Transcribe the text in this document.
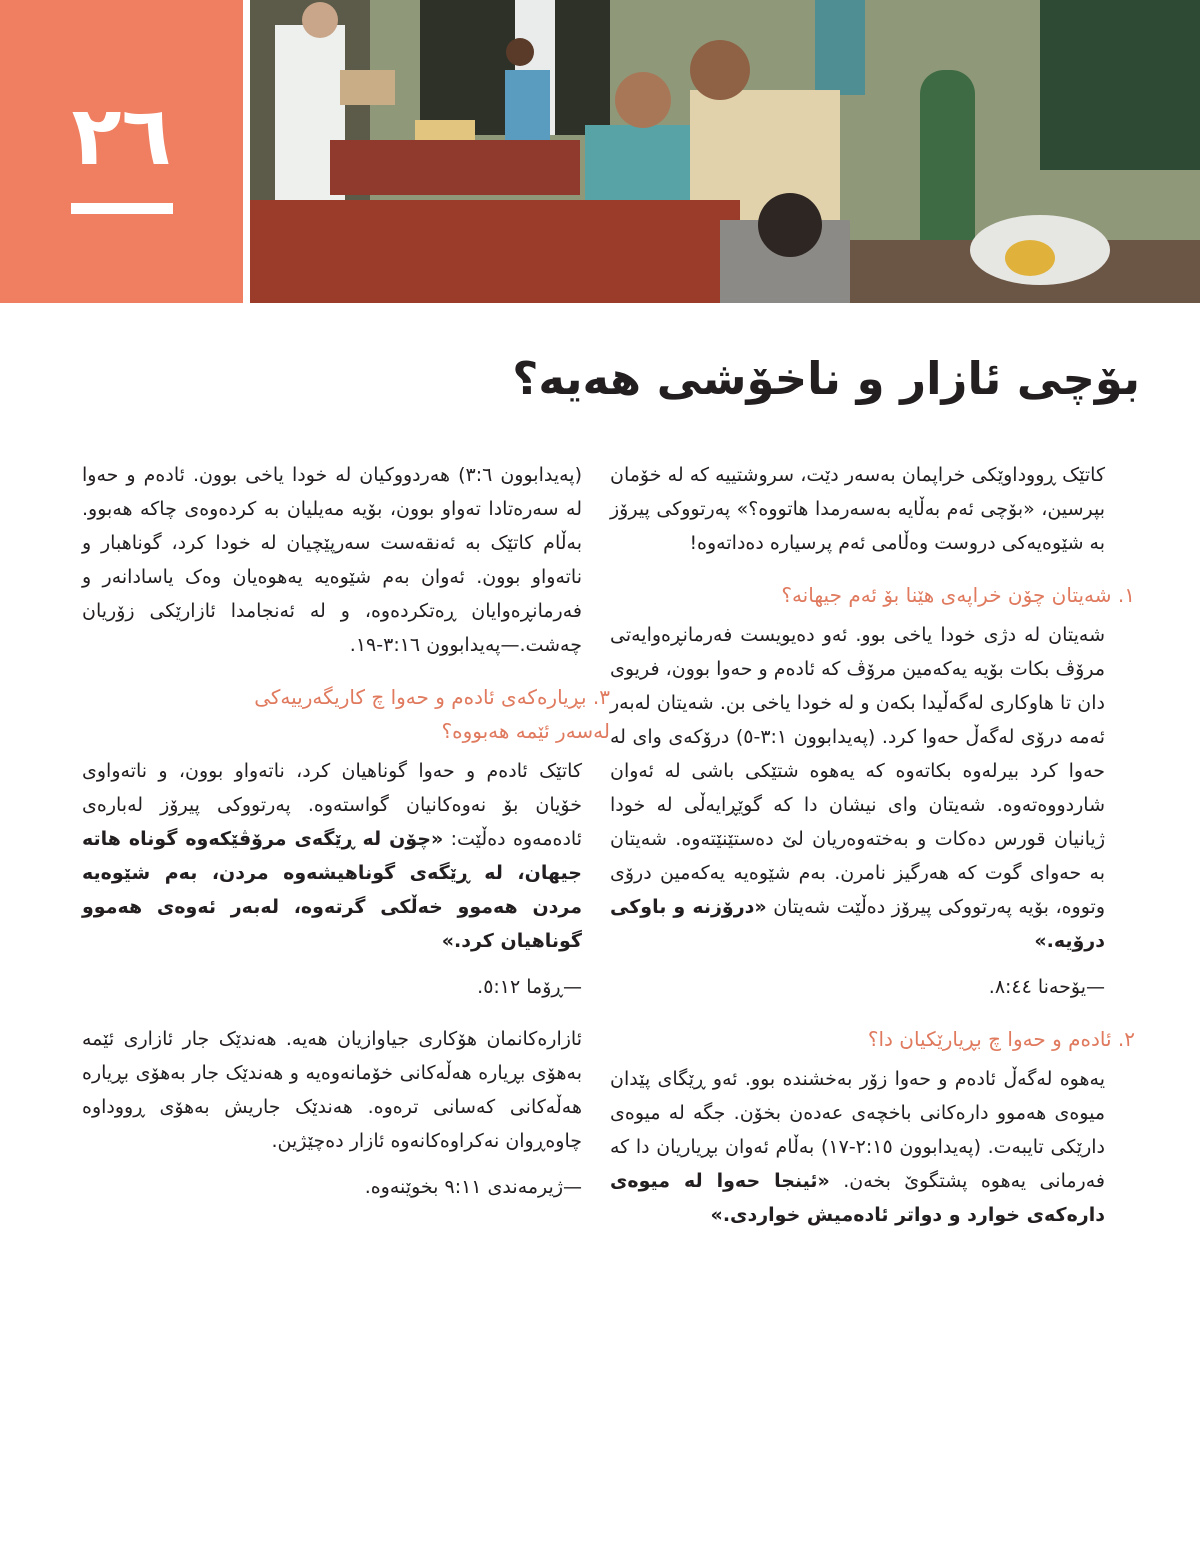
٢٦
بۆچی ئازار و ناخۆشی هەیە؟

کاتێک ڕووداوێکی خراپمان بەسەر دێت، سروشتییە کە لە خۆمان بپرسین، «بۆچی ئەم بەڵایە بەسەرمدا هاتووە؟» پەرتووکی پیرۆز بە شێوەیەکی دروست وەڵامی ئەم پرسیارە دەداتەوە!

١. شەیتان چۆن خراپەی هێنا بۆ ئەم جیهانە؟

شەیتان لە دژی خودا یاخی بوو. ئەو دەیویست فەرمانڕەوایەتی مرۆڤ بکات بۆیە یەکەمین مرۆڤ کە ئادەم و حەوا بوون، فریوی دان تا هاوکاری لەگەڵیدا بکەن و لە خودا یاخی بن. شەیتان لەبەر ئەمە درۆی لەگەڵ حەوا کرد. (پەیدابوون ٣:١-٥) درۆکەی وای لە حەوا کرد بیرلەوە بکاتەوە کە یەهوە شتێکی باشی لە ئەوان شاردووەتەوە. شەیتان وای نیشان دا کە گوێڕایەڵی لە خودا ژیانیان قورس دەکات و بەختەوەریان لێ دەستێنێتەوە. شەیتان بە حەوای گوت کە هەرگیز نامرن. بەم شێوەیە یەکەمین درۆی وتووە، بۆیە پەرتووکی پیرۆز دەڵێت شەیتان «درۆزنە و باوکی درۆیە.»

—یۆحەنا ٨:٤٤.

٢. ئادەم و حەوا چ بڕیارێکیان دا؟

یەهوە لەگەڵ ئادەم و حەوا زۆر بەخشندە بوو. ئەو ڕێگای پێدان میوەی هەموو دارەکانی باخچەی عەدەن بخۆن. جگە لە میوەی دارێکی تایبەت. (پەیدابوون ٢:١٥-١٧) بەڵام ئەوان بڕیاریان دا کە فەرمانی یەهوە پشتگوێ بخەن. «ئینجا حەوا لە میوەی دارەکەی خوارد و دواتر ئادەمیش خواردی.»

(پەیدابوون ٣:٦) هەردووکیان لە خودا یاخی بوون. ئادەم و حەوا لە سەرەتادا تەواو بوون، بۆیە مەیلیان بە کردەوەی چاکە هەبوو. بەڵام کاتێک بە ئەنقەست سەرپێچیان لە خودا کرد، گوناهبار و ناتەواو بوون. ئەوان بەم شێوەیە یەهوەیان وەک یاسادانەر و فەرمانڕەوایان ڕەتکردەوە، و لە ئەنجامدا ئازارێکی زۆریان چەشت.—پەیدابوون ٣:١٦-١٩.

٣. بڕیارەکەی ئادەم و حەوا چ کاریگەرییەکی لەسەر ئێمە هەبووە؟

کاتێک ئادەم و حەوا گوناهیان کرد، ناتەواو بوون، و ناتەواوی خۆیان بۆ نەوەکانیان گواستەوە. پەرتووکی پیرۆز لەبارەی ئادەمەوە دەڵێت: «چۆن لە ڕێگەی مرۆڤێکەوە گوناه هاتە جیهان، لە ڕێگەی گوناهیشەوە مردن، بەم شێوەیە مردن هەموو خەڵکی گرتەوە، لەبەر ئەوەی هەموو گوناهیان کرد.»

—ڕۆما ٥:١٢.

ئازارەکانمان هۆکاری جیاوازیان هەیە. هەندێک جار ئازاری ئێمە بەهۆی بڕیارە هەڵەکانی خۆمانەوەیە و هەندێک جار بەهۆی بڕیارە هەڵەکانی کەسانی ترەوە. هەندێک جاریش بەهۆی ڕووداوە چاوەڕوان نەکراوەکانەوە ئازار دەچێژین.

—ژیرمەندی ٩:١١ بخوێنەوە.
